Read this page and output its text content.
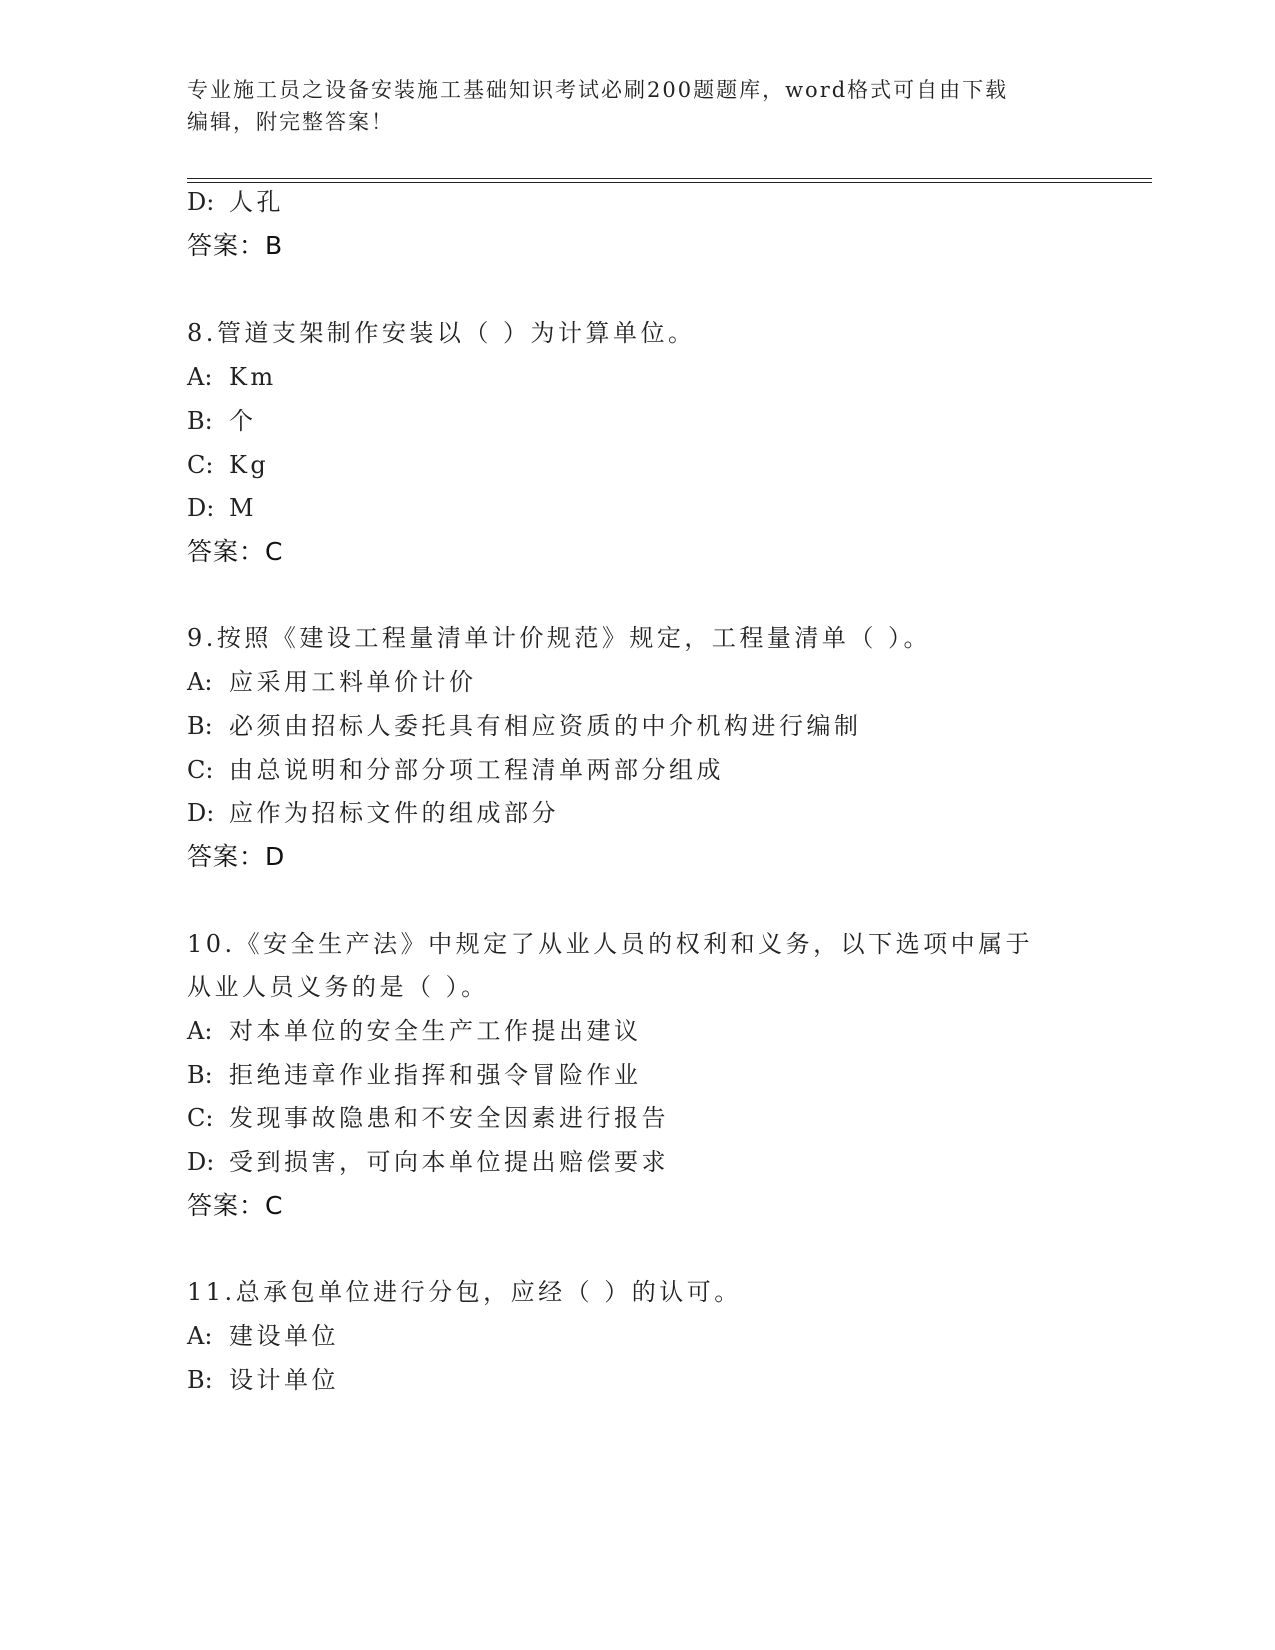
专业施工员之设备安装施工基础知识考试必刷200题题库，word格式可自由下载
编辑，附完整答案！
D: 人孔
答案：B
8.管道支架制作安装以（ ）为计算单位。
A: Km
B: 个
C: Kg
D: M
答案：C
9.按照《建设工程量清单计价规范》规定，工程量清单（ ）。
A: 应采用工料单价计价
B: 必须由招标人委托具有相应资质的中介机构进行编制
C: 由总说明和分部分项工程清单两部分组成
D: 应作为招标文件的组成部分
答案：D
10.《安全生产法》中规定了从业人员的权利和义务，以下选项中属于
从业人员义务的是（ ）。
A: 对本单位的安全生产工作提出建议
B: 拒绝违章作业指挥和强令冒险作业
C: 发现事故隐患和不安全因素进行报告
D: 受到损害，可向本单位提出赔偿要求
答案：C
11.总承包单位进行分包，应经（ ）的认可。
A: 建设单位
B: 设计单位
